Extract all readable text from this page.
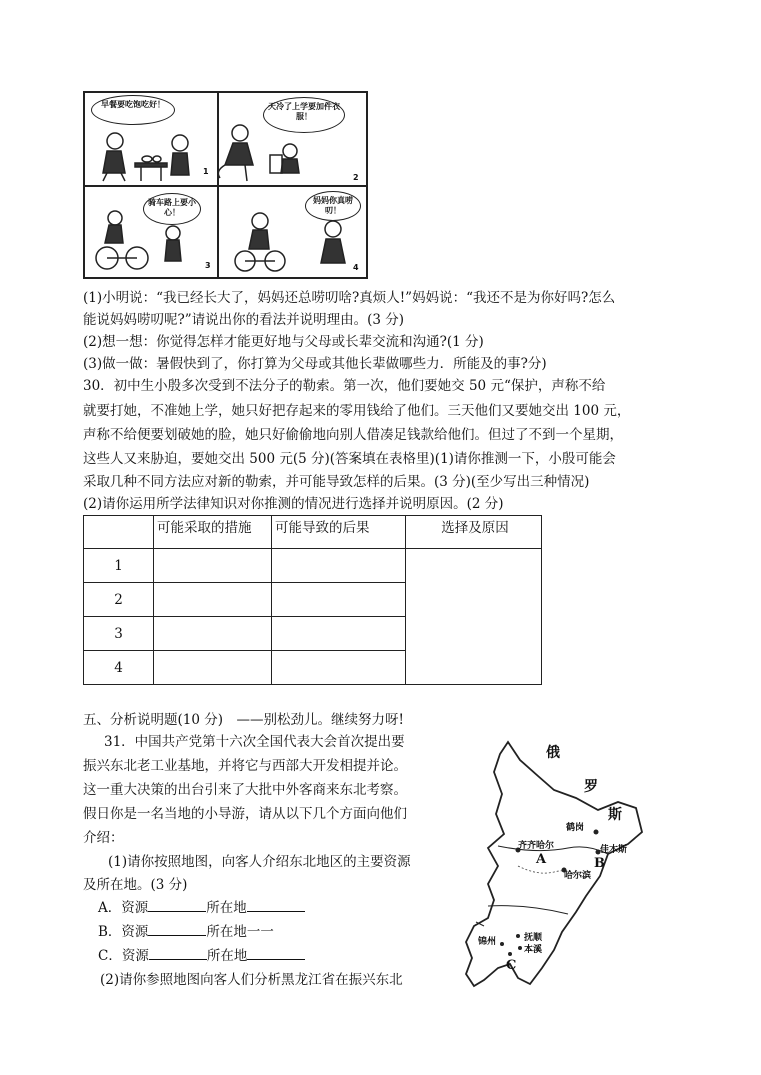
早餐要吃饱吃好！	天冷了上学要加件衣服！
骑车路上要小心！
妈妈你真唠叨！
1
2
3	4
(1)小明说：“我已经长大了，妈妈还总唠叨啥?真烦人!”妈妈说：“我还不是为你好吗?怎么
能说妈妈唠叨呢?”请说出你的看法并说明理由。(3 分)
(2)想一想：你觉得怎样才能更好地与父母或长辈交流和沟通?(1 分)
(3)做一做：暑假快到了，你打算为父母或其他长辈做哪些力．所能及的事?分)
30．初中生小殷多次受到不法分子的勒索。第一次，他们要她交 50 元“保护，声称不给
就要打她，不准她上学，她只好把存起来的零用钱给了他们。三天他们又要她交出 100 元，
声称不给便要划破她的脸，她只好偷偷地向别人借凑足钱款给他们。但过了不到一个星期，
这些人又来胁迫，要她交出 500 元(5 分)(答案填在表格里)(1)请你推测一下，小殷可能会
采取几种不同方法应对新的勒索，并可能导致怎样的后果。(3 分)(至少写出三种情况)
(2)请你运用所学法律知识对你推测的情况进行选择并说明原因。(2 分)
	可能采取的措施	可能导致的后果	选择及原因
1			
2			
3			
4			
五、分析说明题(10 分)　——别松劲儿。继续努力呀!
31．中国共产党第十六次全国代表大会首次提出要
振兴东北老工业基地，并将它与西部大开发相提并论。
这一重大决策的出台引来了大批中外客商来东北考察。
假日你是一名当地的小导游，请从以下几个方面向他们
介绍：
(1)请你按照地图，向客人介绍东北地区的主要资源
及所在地。(3 分)
A．资源	所在地
B．资源	所在地一一
C．资源	所在地
(2)请你参照地图向客人们分析黑龙江省在振兴东北
俄
罗
斯
鹤岗
佳木斯
齐齐哈尔
哈尔滨
锦州	抚顺
本溪
A	B
C
